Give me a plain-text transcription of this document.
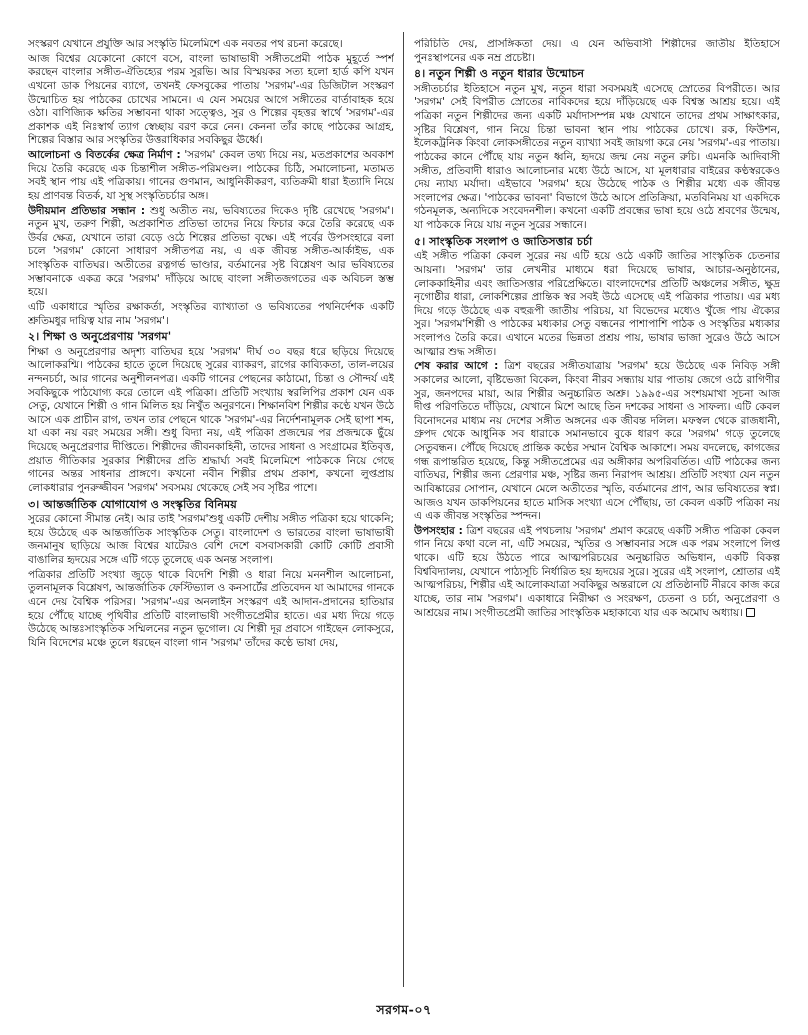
সংস্করণ যেখানে প্রযুক্তি আর সংস্কৃতি মিলেমিশে এক নবতর পথ রচনা করেছে।

আজ বিশ্বের যেকোনো কোণে বসে, বাংলা ভাষাভাষী সঙ্গীতপ্রেমী পাঠক মুহূর্তে স্পর্শ করছেন বাংলার সঙ্গীত-ঐতিহ্যের পরম সুরভি। আর বিস্ময়কর সত্য হলো হার্ড কপি যখন এখনো ডাক পিয়নের ব্যাগে, তখনই ফেসবুকের পাতায় 'সরগম'-এর ডিজিটাল সংস্করণ উন্মোচিত হয় পাঠকের চোখের সামনে। এ যেন সময়ের আগে সঙ্গীতের বার্তাবাহক হয়ে ওঠা। বাণিজ্যিক ক্ষতির সম্ভাবনা থাকা সত্ত্বেও, সুর ও শিল্পের বৃহত্তর স্বার্থে 'সরগম'-এর প্রকাশক এই নিঃস্বার্থ ত্যাগ স্বেচ্ছায় বরণ করে নেন। কেননা তাঁর কাছে পাঠকের আগ্রহ, শিল্পের বিস্তার আর সংস্কৃতির উত্তরাধিকার সবকিছুর ঊর্ধ্বে।

আলোচনা ও বিতর্কের ক্ষেত্র নির্মাণ : 'সরগম' কেবল তথ্য দিয়ে নয়, মতপ্রকাশের অবকাশ দিয়ে তৈরি করেছে এক চিন্তাশীল সঙ্গীত-পরিমণ্ডল। পাঠকের চিঠি, সমালোচনা, মতামত সবই স্থান পায় এই পত্রিকায়। গানের গুণমান, আধুনিকীকরণ, ব্যতিক্রমী ধারা ইত্যাদি নিয়ে হয় প্রাণবন্ত বিতর্ক, যা সুস্থ সংস্কৃতিচর্চার অঙ্গ।

উদীয়মান প্রতিভার সন্ধান : শুধু অতীত নয়, ভবিষ্যতের দিকেও দৃষ্টি রেখেছে 'সরগম'। নতুন মুখ, তরুণ শিল্পী, অপ্রকাশিত প্রতিভা তাদের নিয়ে ফিচার করে তৈরি করেছে এক উর্বর ক্ষেত্র, যেখানে তারা বেড়ে ওঠে শিল্পের প্রতিভা বৃক্ষে। এই পর্বের উপসংহারে বলা চলে 'সরগম' কোনো সাধারণ সঙ্গীতপত্র নয়, এ এক জীবন্ত সঙ্গীত-আর্কাইভ, এক সাংস্কৃতিক বাতিঘর। অতীতের রত্নগর্ভ ভাণ্ডার, বর্তমানের সৃষ্ট বিশ্লেষণ আর ভবিষ্যতের সম্ভাবনাকে একত্র করে 'সরগম' দাঁড়িয়ে আছে বাংলা সঙ্গীতজগতের এক অবিচল স্তম্ভ হয়ে।

এটি একাধারে স্মৃতির রক্ষাকর্তা, সংস্কৃতির ব্যাখ্যাতা ও ভবিষ্যতের পথনির্দেশক একটি শ্রুতিমধুর দায়িত্ব যার নাম 'সরগম'।

২। শিক্ষা ও অনুপ্রেরণায় 'সরগম'

শিক্ষা ও অনুপ্রেরণার অদৃশ্য বাতিঘর হয়ে 'সরগম' দীর্ঘ ৩০ বছর ধরে ছড়িয়ে দিয়েছে আলোকরশ্মি। পাঠকের হাতে তুলে দিয়েছে সুরের ব্যাকরণ, রাগের কাব্যিকতা, তাল-লয়ের নন্দনচর্চা, আর গানের অনুশীলনপত্র। একটি গানের পেছনের কাঠামো, চিন্তা ও সৌন্দর্য এই সবকিছুকে পাঠযোগ্য করে তোলে এই পত্রিকা। প্রতিটি সংখ্যায় স্বরলিপির প্রকাশ যেন এক সেতু, যেখানে শিল্পী ও গান মিলিত হয় নিখুঁত অনুরণনে। শিক্ষানবিশ শিল্পীর কণ্ঠে যখন উঠে আসে এক প্রাচীন রাগ, তখন তার পেছনে থাকে 'সরগম'-এর নির্দেশনামূলক সেই ছাপা শব্দ, যা একা নয় বরং সময়ের সঙ্গী। শুধু বিদ্যা নয়, এই পত্রিকা প্রজন্মের পর প্রজন্মকে ছুঁয়ে দিয়েছে অনুপ্রেরণার দীপ্তিতে। শিল্পীদের জীবনকাহিনী, তাদের সাধনা ও সংগ্রামের ইতিবৃত্ত, প্রয়াত গীতিকার সুরকার শিল্পীদের প্রতি শ্রদ্ধার্ঘ্য সবই মিলেমিশে পাঠককে নিয়ে গেছে গানের অন্তর সাধনার প্রাঙ্গণে। কখনো নবীন শিল্পীর প্রথম প্রকাশ, কখনো লুপ্তপ্রায় লোকধারার পুনরুজ্জীবন 'সরগম' সবসময় থেকেছে সেই সব সৃষ্টির পাশে।

৩। আন্তর্জাতিক যোগাযোগ ও সংস্কৃতির বিনিময়

সুরের কোনো সীমান্ত নেই। আর তাই 'সরগম'শুধু একটি দেশীয় সঙ্গীত পত্রিকা হয়ে থাকেনি; হয়ে উঠেছে এক আন্তর্জাতিক সাংস্কৃতিক সেতু। বাংলাদেশ ও ভারতের বাংলা ভাষাভাষী জনমানুষ ছাড়িয়ে আজ বিশ্বের যাটেরও বেশি দেশে বসবাসকারী কোটি কোটি প্রবাসী বাঙালির হৃদয়ের সঙ্গে এটি গড়ে তুলেছে এক অনন্ত সংলাপ।

পত্রিকার প্রতিটি সংখ্যা জুড়ে থাকে বিদেশি শিল্পী ও ধারা নিয়ে মননশীল আলোচনা, তুলনামূলক বিশ্লেষণ, আন্তর্জাতিক ফেস্টিভ্যাল ও কনসার্টের প্রতিবেদন যা আমাদের গানকে এনে দেয় বৈশ্বিক পরিসর। 'সরগম'-এর অনলাইন সংস্করণ এই আদান-প্রদানের হাতিয়ার হয়ে পৌঁছে যাচ্ছে পৃথিবীর প্রতিটি বাংলাভাষী সংগীতপ্রেমীর হাতে। এর মধ্য দিয়ে গড়ে উঠেছে আন্তঃসাংস্কৃতিক সম্মিলনের নতুন ভূগোল। যে শিল্পী দূর প্রবাসে গাইছেন লোকসুরে, যিনি বিদেশের মঞ্চে তুলে ধরছেন বাংলা গান 'সরগম' তাঁদের কণ্ঠে ভাষা দেয়,

পরিচিতি দেয়, প্রাসঙ্গিকতা দেয়। এ যেন অভিবাসী শিল্পীদের জাতীয় ইতিহাসে পুনঃস্থাপনের এক নম্র প্রচেষ্টা।

৪। নতুন শিল্পী ও নতুন ধারার উন্মোচন

সঙ্গীতচর্চার ইতিহাসে নতুন মুখ, নতুন ধারা সবসময়ই এসেছে স্রোতের বিপরীতে। আর 'সরগম' সেই বিপরীত স্রোতের নাবিকদের হয়ে দাঁড়িয়েছে এক বিশ্বস্ত আশ্রয় হয়ে। এই পত্রিকা নতুন শিল্পীদের জন্য একটি মর্যাদাসম্পন্ন মঞ্চ যেখানে তাদের প্রথম সাক্ষাৎকার, সৃষ্টির বিশ্লেষণ, গান নিয়ে চিন্তা ভাবনা স্থান পায় পাঠকের চোখে। রক, ফিউশন, ইলেকট্রনিক কিংবা লোকসঙ্গীতের নতুন ব্যাখ্যা সবই জায়গা করে নেয় 'সরগম'-এর পাতায়। পাঠকের কানে পৌঁছে যায় নতুন ধ্বনি, হৃদয়ে জন্ম নেয় নতুন রুচি। এমনকি আদিবাসী সঙ্গীত, প্রতিবাদী ধারাও আলোচনার মধ্যে উঠে আসে, যা মূলধারার বাইরের কণ্ঠস্বরকেও দেয় ন্যায্য মর্যাদা। এইভাবে 'সরগম' হয়ে উঠেছে পাঠক ও শিল্পীর মধ্যে এক জীবন্ত সংলাপের ক্ষেত্র। 'পাঠকের ভাবনা' বিভাগে উঠে আসে প্রতিক্রিয়া, মতবিনিময় যা একদিকে গঠনমূলক, অন্যদিকে সংবেদনশীল। কখনো একটি প্রবন্ধের ভাষা হয়ে ওঠে শ্রবণের উন্মেষ, যা পাঠককে নিয়ে যায় নতুন সুরের সন্ধানে।

৫। সাংস্কৃতিক সংলাপ ও জাতিসত্তার চর্চা

এই সঙ্গীত পত্রিকা কেবল সুরের নয় এটি হয়ে ওঠে একটি জাতির সাংস্কৃতিক চেতনার আয়না। 'সরগম' তার লেখনীর মাধ্যমে ধরা দিয়েছে ভাষার, আচার-অনুষ্ঠানের, লোককাহিনীর এবং জাতিসত্তার পরিপ্রেক্ষিতে। বাংলাদেশের প্রতিটি অঞ্চলের সঙ্গীত, ক্ষুদ্র নৃগোষ্ঠীর ধারা, লোকশিল্পের প্রান্তিক স্বর সবই উঠে এসেছে এই পত্রিকার পাতায়। এর মধ্য দিয়ে গড়ে উঠেছে এক বহুরূপী জাতীয় পরিচয়, যা বিভেদের মধ্যেও খুঁজে পায় ঐক্যের সুর। 'সরগম'শিল্পী ও পাঠকের মধ্যকার সেতু বন্ধনের পাশাপাশি পাঠক ও সংস্কৃতির মধ্যকার সংলাপও তৈরি করে। এখানে মতের ভিন্নতা প্রশ্রয় পায়, ভাষার ভাজা সুরেও উঠে আসে আত্মার শুদ্ধ সঙ্গীত।

শেষ করার আগে : ত্রিশ বছরের সঙ্গীতযাত্রায় 'সরগম' হয়ে উঠেছে এক নিবিড় সঙ্গী সকালের আলো, বৃষ্টিভেজা বিকেল, কিংবা নীরব সন্ধ্যায় যার পাতায় জেগে ওঠে রাগিণীর সুর, জনপদের মায়া, আর শিল্পীর অনুচ্চারিত অশ্রু। ১৯৯৫-এর সংশয়মাখা সূচনা আজ দীপ্ত পরিণতিতে দাঁড়িয়ে, যেখানে মিশে আছে তিন দশকের সাধনা ও সাফল্য। এটি কেবল বিনোদনের মাধ্যম নয় দেশের সঙ্গীত অঙ্গনের এক জীবন্ত দলিল। মফস্বল থেকে রাজধানী, গ্রুপদ থেকে আধুনিক সব ধারাকে সমানভাবে বুকে ধারণ করে 'সরগম' গড়ে তুলেছে সেতুবন্ধন। পৌঁছে দিয়েছে প্রান্তিক কণ্ঠের সম্মান বৈশ্বিক আকাশে। সময় বদলেছে, কাগজের গন্ধ রূপান্তরিত হয়েছে, কিন্তু সঙ্গীতপ্রেমের এর অঙ্গীকার অপরিবর্তিত। এটি পাঠকের জন্য বাতিঘর, শিল্পীর জন্য প্রেরণার মঞ্চ, সৃষ্টির জন্য নিরাপদ আশ্রয়। প্রতিটি সংখ্যা যেন নতুন আবিষ্কারের সোপান, যেখানে মেলে অতীতের স্মৃতি, বর্তমানের প্রাণ, আর ভবিষ্যতের স্বপ্ন। আজও যখন ডাকপিয়নের হাতে মাসিক সংখ্যা এসে পৌঁছায়, তা কেবল একটি পত্রিকা নয় এ এক জীবন্ত সংস্কৃতির স্পন্দন।

উপসংহার : ত্রিশ বছরের এই পথচলায় 'সরগম' প্রমাণ করেছে একটি সঙ্গীত পত্রিকা কেবল গান নিয়ে কথা বলে না, এটি সময়ের, স্মৃতির ও সম্ভাবনার সঙ্গে এক পরম সংলাপে লিপ্ত থাকে। এটি হয়ে উঠতে পারে আত্মপরিচয়ের অনুচ্চারিত অভিধান, একটি বিকল্প বিশ্ববিদ্যালয়, যেখানে পাঠ্যসূচি নির্ধারিত হয় হৃদয়ের সুরে। সুরের এই সংলাপ, শ্রোতার এই আত্মপরিচয়, শিল্পীর এই আলোকযাত্রা সবকিছুর অন্তরালে যে প্রতিষ্ঠানটি নীরবে কাজ করে যাচ্ছে, তার নাম 'সরগম'। একাধারে নিরীক্ষা ও সংরক্ষণ, চেতনা ও চর্চা, অনুপ্রেরণা ও আশ্রয়ের নাম। সংগীতপ্রেমী জাতির সাংস্কৃতিক মহাকাব্যে যার এক অমোঘ অধ্যায়।

সরগম-০৭
